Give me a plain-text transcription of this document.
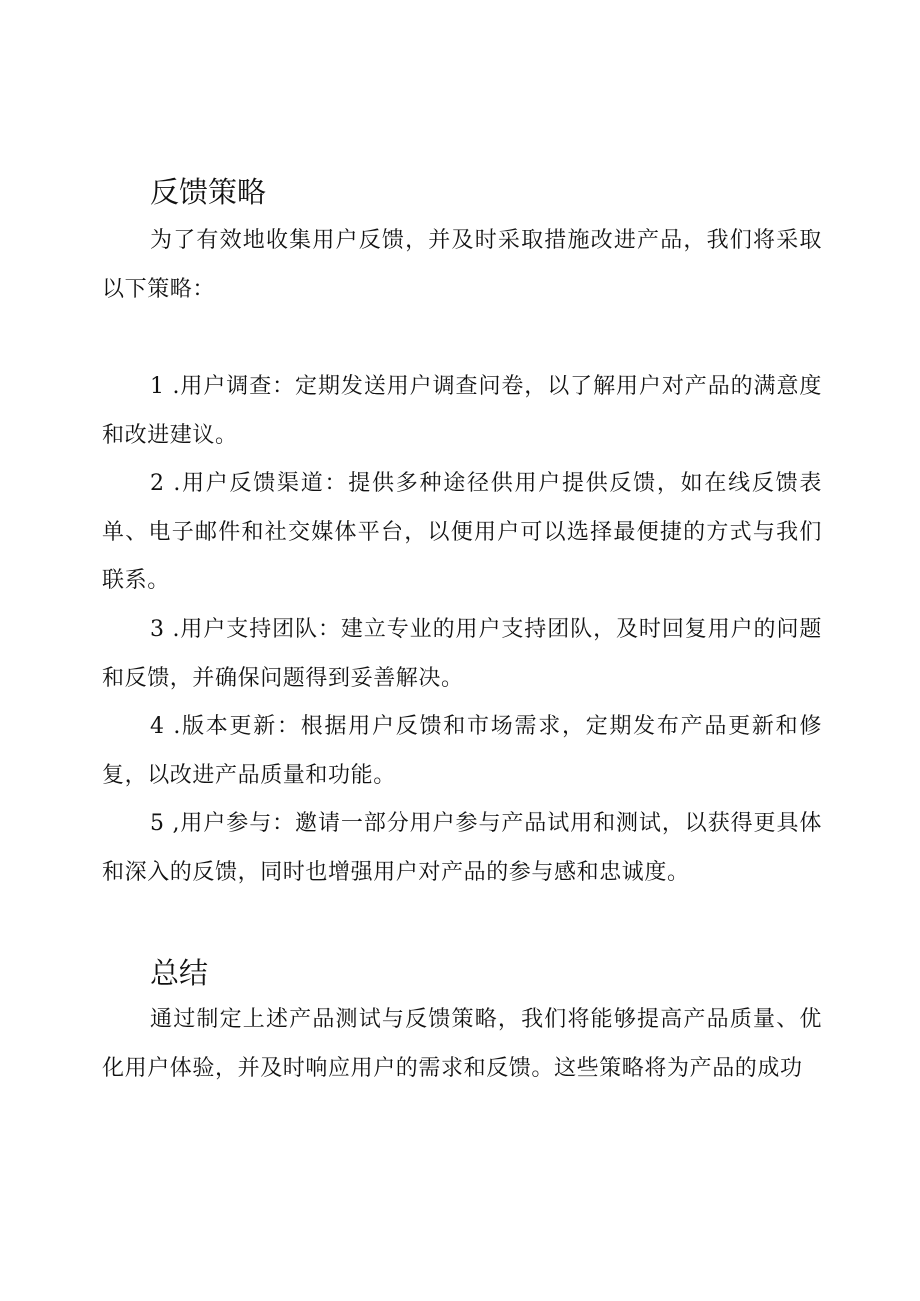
反馈策略

为了有效地收集用户反馈，并及时采取措施改进产品，我们将采取以下策略：

1 .用户调查：定期发送用户调查问卷，以了解用户对产品的满意度和改进建议。

2 .用户反馈渠道：提供多种途径供用户提供反馈，如在线反馈表单、电子邮件和社交媒体平台，以便用户可以选择最便捷的方式与我们联系。

3 .用户支持团队：建立专业的用户支持团队，及时回复用户的问题和反馈，并确保问题得到妥善解决。

4 .版本更新：根据用户反馈和市场需求，定期发布产品更新和修复，以改进产品质量和功能。

5 ,用户参与：邀请一部分用户参与产品试用和测试，以获得更具体和深入的反馈，同时也增强用户对产品的参与感和忠诚度。

总结

通过制定上述产品测试与反馈策略，我们将能够提高产品质量、优化用户体验，并及时响应用户的需求和反馈。这些策略将为产品的成功
